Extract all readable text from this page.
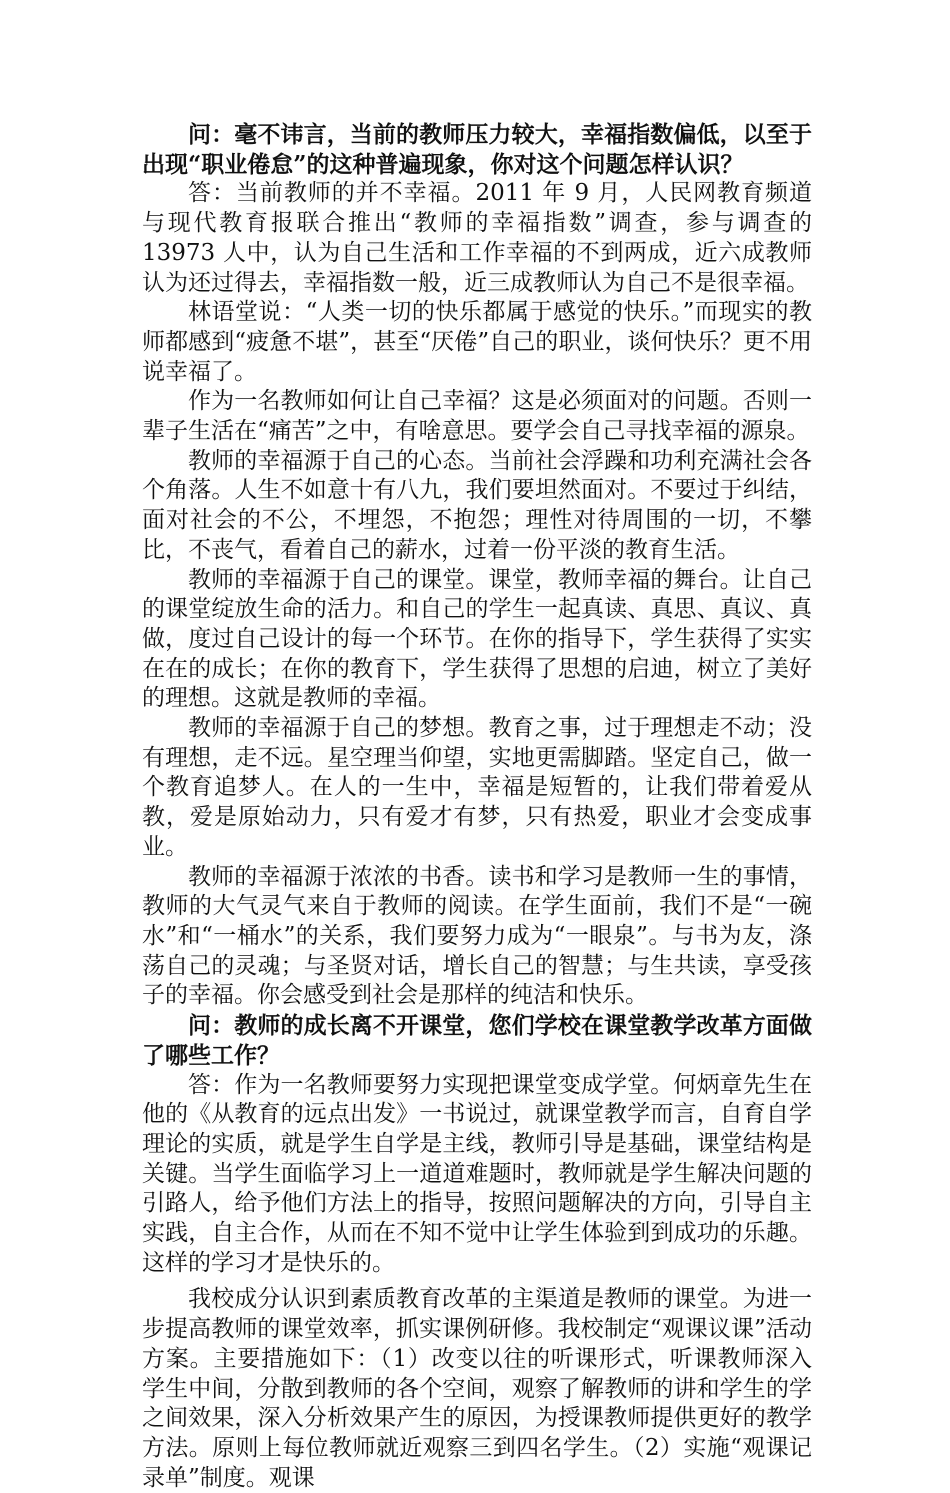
问：毫不讳言，当前的教师压力较大，幸福指数偏低，以至于出现“职业倦怠”的这种普遍现象，你对这个问题怎样认识？

答：当前教师的并不幸福。2011 年 9 月，人民网教育频道与现代教育报联合推出“教师的幸福指数”调查，参与调查的 13973 人中，认为自己生活和工作幸福的不到两成，近六成教师认为还过得去，幸福指数一般，近三成教师认为自己不是很幸福。

林语堂说：“人类一切的快乐都属于感觉的快乐。”而现实的教师都感到“疲惫不堪”，甚至“厌倦”自己的职业，谈何快乐？更不用说幸福了。

作为一名教师如何让自己幸福？这是必须面对的问题。否则一辈子生活在“痛苦”之中，有啥意思。要学会自己寻找幸福的源泉。

教师的幸福源于自己的心态。当前社会浮躁和功利充满社会各个角落。人生不如意十有八九，我们要坦然面对。不要过于纠结，面对社会的不公，不埋怨，不抱怨；理性对待周围的一切，不攀比，不丧气，看着自己的薪水，过着一份平淡的教育生活。

教师的幸福源于自己的课堂。课堂，教师幸福的舞台。让自己的课堂绽放生命的活力。和自己的学生一起真读、真思、真议、真做，度过自己设计的每一个环节。在你的指导下，学生获得了实实在在的成长；在你的教育下，学生获得了思想的启迪，树立了美好的理想。这就是教师的幸福。

教师的幸福源于自己的梦想。教育之事，过于理想走不动；没有理想，走不远。星空理当仰望，实地更需脚踏。坚定自己，做一个教育追梦人。在人的一生中，幸福是短暂的，让我们带着爱从教，爱是原始动力，只有爱才有梦，只有热爱，职业才会变成事业。

教师的幸福源于浓浓的书香。读书和学习是教师一生的事情，教师的大气灵气来自于教师的阅读。在学生面前，我们不是“一碗水”和“一桶水”的关系，我们要努力成为“一眼泉”。与书为友，涤荡自己的灵魂；与圣贤对话，增长自己的智慧；与生共读，享受孩子的幸福。你会感受到社会是那样的纯洁和快乐。

问：教师的成长离不开课堂，您们学校在课堂教学改革方面做了哪些工作？

答：作为一名教师要努力实现把课堂变成学堂。何炳章先生在他的《从教育的远点出发》一书说过，就课堂教学而言，自育自学理论的实质，就是学生自学是主线，教师引导是基础，课堂结构是关键。当学生面临学习上一道道难题时，教师就是学生解决问题的引路人，给予他们方法上的指导，按照问题解决的方向，引导自主实践，自主合作，从而在不知不觉中让学生体验到到成功的乐趣。这样的学习才是快乐的。

我校成分认识到素质教育改革的主渠道是教师的课堂。为进一步提高教师的课堂效率，抓实课例研修。我校制定“观课议课”活动方案。主要措施如下：（1）改变以往的听课形式，听课教师深入学生中间，分散到教师的各个空间，观察了解教师的讲和学生的学之间效果，深入分析效果产生的原因，为授课教师提供更好的教学方法。原则上每位教师就近观察三到四名学生。（2）实施“观课记录单”制度。观课
